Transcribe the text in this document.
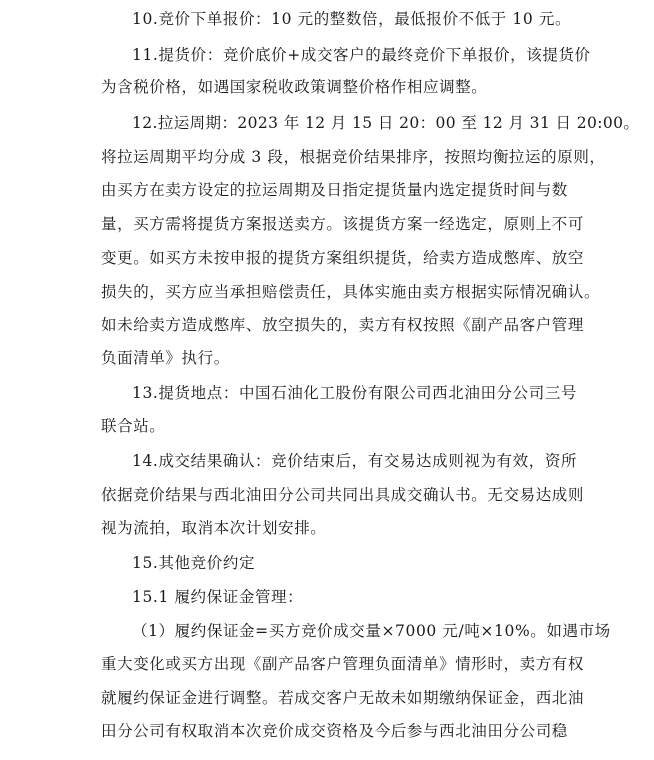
10.竞价下单报价：10 元的整数倍，最低报价不低于 10 元。
11.提货价：竞价底价+成交客户的最终竞价下单报价，该提货价
为含税价格，如遇国家税收政策调整价格作相应调整。
12.拉运周期：2023 年 12 月 15 日 20：00 至 12 月 31 日 20:00。
将拉运周期平均分成 3 段，根据竞价结果排序，按照均衡拉运的原则，
由买方在卖方设定的拉运周期及日指定提货量内选定提货时间与数
量，买方需将提货方案报送卖方。该提货方案一经选定，原则上不可
变更。如买方未按申报的提货方案组织提货，给卖方造成憋库、放空
损失的，买方应当承担赔偿责任，具体实施由卖方根据实际情况确认。
如未给卖方造成憋库、放空损失的，卖方有权按照《副产品客户管理
负面清单》执行。
13.提货地点：中国石油化工股份有限公司西北油田分公司三号
联合站。
14.成交结果确认：竞价结束后，有交易达成则视为有效，资所
依据竞价结果与西北油田分公司共同出具成交确认书。无交易达成则
视为流拍，取消本次计划安排。
15.其他竞价约定
15.1 履约保证金管理：
（1）履约保证金=买方竞价成交量×7000 元/吨×10%。如遇市场
重大变化或买方出现《副产品客户管理负面清单》情形时，卖方有权
就履约保证金进行调整。若成交客户无故未如期缴纳保证金，西北油
田分公司有权取消本次竞价成交资格及今后参与西北油田分公司稳
